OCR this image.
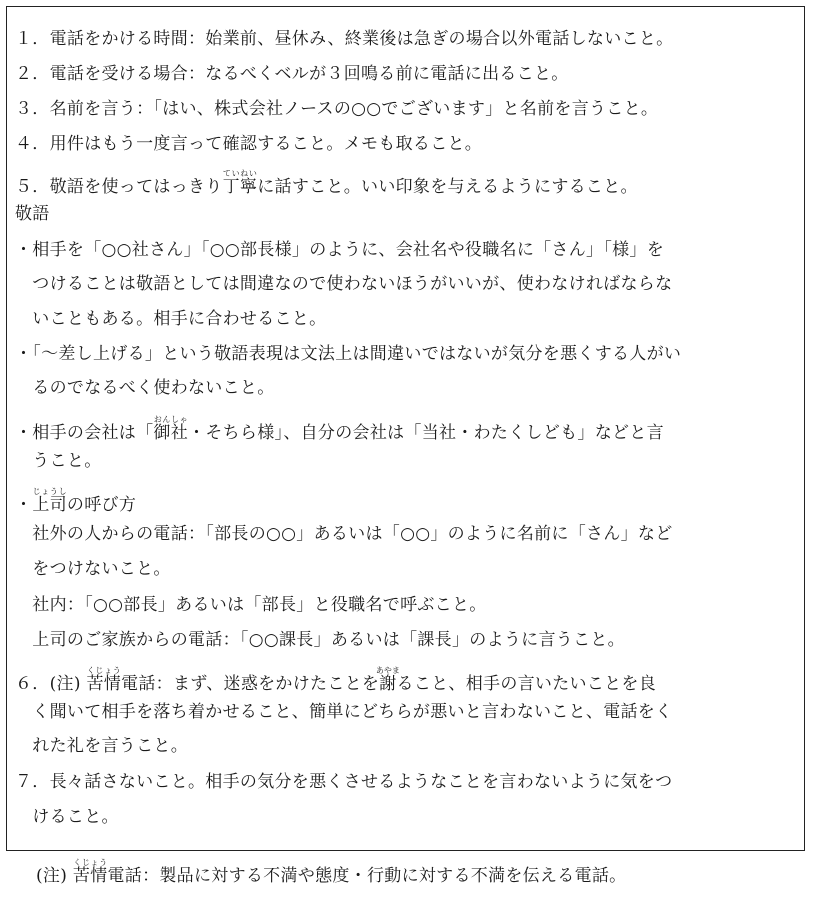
１．電話をかける時間：始業前、昼休み、終業後は急ぎの場合以外電話しないこと。
２．電話を受ける場合：なるべくベルが３回鳴る前に電話に出ること。
３．名前を言う：「はい、株式会社ノースの○○でございます」と名前を言うこと。
４．用件はもう一度言って確認すること。メモも取ること。
５．敬語を使ってはっきり丁寧ていねいに話すこと。いい印象を与えるようにすること。
敬語
・相手を「○○社さん」「○○部長様」のように、会社名や役職名に「さん」「様」を
　つけることは敬語としては間違なので使わないほうがいいが、使わなければならな
　いこともある。相手に合わせること。
・「～差し上げる」という敬語表現は文法上は間違いではないが気分を悪くする人がい
　るのでなるべく使わないこと。
・相手の会社は「御社おんしゃ・そちら様」、自分の会社は「当社・わたくしども」などと言
　うこと。
・上司じょうしの呼び方
　社外の人からの電話：「部長の○○」あるいは「○○」のように名前に「さん」など
　をつけないこと。
　社内：「○○部長」あるいは「部長」と役職名で呼ぶこと。
　上司のご家族からの電話：「○○課長」あるいは「課長」のように言うこと。
６．(注) 苦情くじょう電話：まず、迷惑をかけたことを謝あやまること、相手の言いたいことを良
　く聞いて相手を落ち着かせること、簡単にどちらが悪いと言わないこと、電話をく
　れた礼を言うこと。
７．長々話さないこと。相手の気分を悪くさせるようなことを言わないように気をつ
　けること。
(注) 苦情くじょう電話：製品に対する不満や態度・行動に対する不満を伝える電話。
